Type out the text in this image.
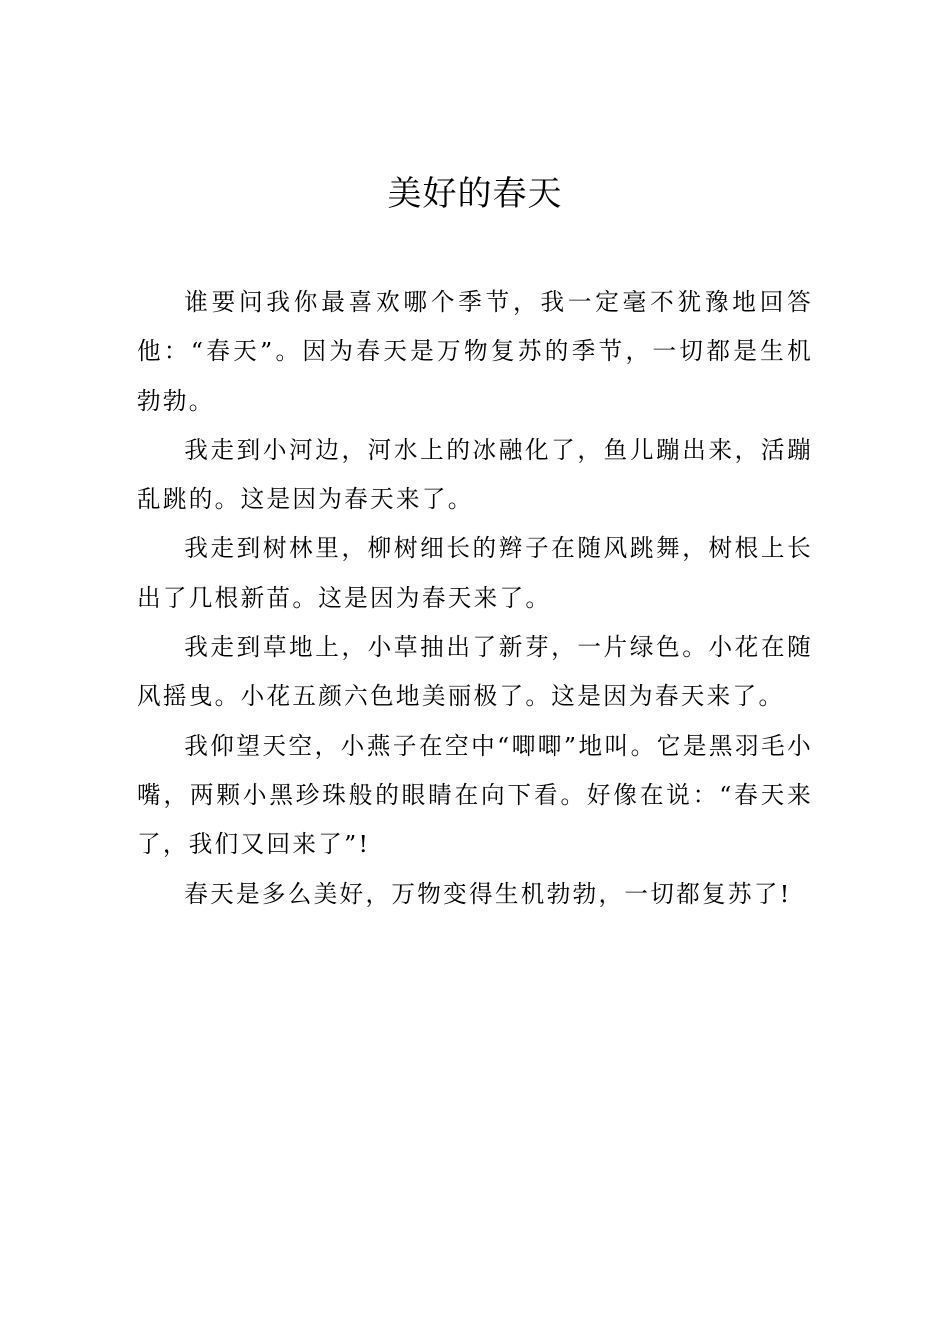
美好的春天

谁要问我你最喜欢哪个季节，我一定毫不犹豫地回答他：“春天”。因为春天是万物复苏的季节，一切都是生机勃勃。

我走到小河边，河水上的冰融化了，鱼儿蹦出来，活蹦乱跳的。这是因为春天来了。

我走到树林里，柳树细长的辫子在随风跳舞，树根上长出了几根新苗。这是因为春天来了。

我走到草地上，小草抽出了新芽，一片绿色。小花在随风摇曳。小花五颜六色地美丽极了。这是因为春天来了。

我仰望天空，小燕子在空中“唧唧”地叫。它是黑羽毛小嘴，两颗小黑珍珠般的眼睛在向下看。好像在说：“春天来了，我们又回来了”!

春天是多么美好，万物变得生机勃勃，一切都复苏了!
